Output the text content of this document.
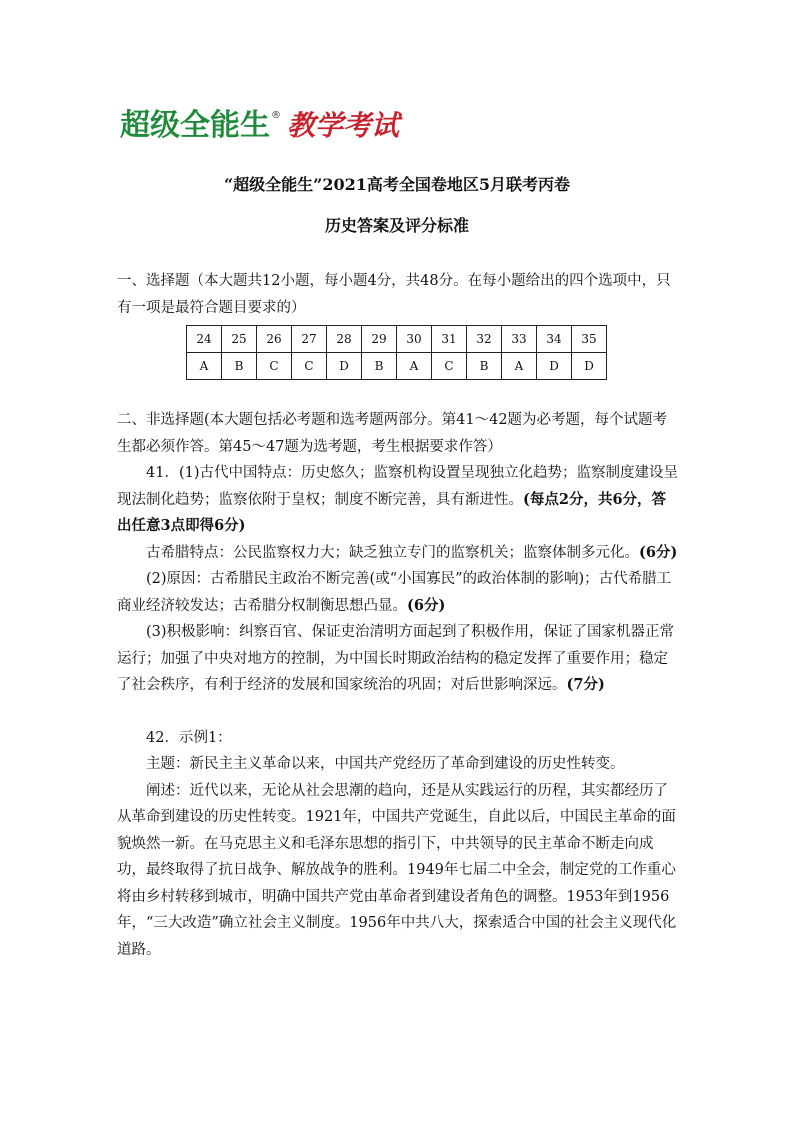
超级全能生 ® 教学考试
“超级全能生”2021高考全国卷地区5月联考丙卷
历史答案及评分标准
一、选择题（本大题共12小题，每小题4分，共48分。在每小题给出的四个选项中，只有一项是最符合题目要求的）
24	25	26	27	28	29	30	31	32	33	34	35
A	B	C	C	D	B	A	C	B	A	D	D

二、非选择题(本大题包括必考题和选考题两部分。第41～42题为必考题，每个试题考生都必须作答。第45～47题为选考题，考生根据要求作答）

41．(1)古代中国特点：历史悠久；监察机构设置呈现独立化趋势；监察制度建设呈现法制化趋势；监察依附于皇权；制度不断完善，具有渐进性。(每点2分，共6分，答出任意3点即得6分)

古希腊特点：公民监察权力大；缺乏独立专门的监察机关；监察体制多元化。(6分)

(2)原因：古希腊民主政治不断完善(或“小国寡民”的政治体制的影响)；古代希腊工商业经济较发达；古希腊分权制衡思想凸显。(6分)

(3)积极影响：纠察百官、保证吏治清明方面起到了积极作用，保证了国家机器正常运行；加强了中央对地方的控制，为中国长时期政治结构的稳定发挥了重要作用；稳定了社会秩序，有利于经济的发展和国家统治的巩固；对后世影响深远。(7分)

42．示例1：

主题：新民主主义革命以来，中国共产党经历了革命到建设的历史性转变。

阐述：近代以来，无论从社会思潮的趋向，还是从实践运行的历程，其实都经历了从革命到建设的历史性转变。1921年，中国共产党诞生，自此以后，中国民主革命的面貌焕然一新。在马克思主义和毛泽东思想的指引下，中共领导的民主革命不断走向成功，最终取得了抗日战争、解放战争的胜利。1949年七届二中全会，制定党的工作重心将由乡村转移到城市，明确中国共产党由革命者到建设者角色的调整。1953年到1956年，“三大改造”确立社会主义制度。1956年中共八大，探索适合中国的社会主义现代化道路。
